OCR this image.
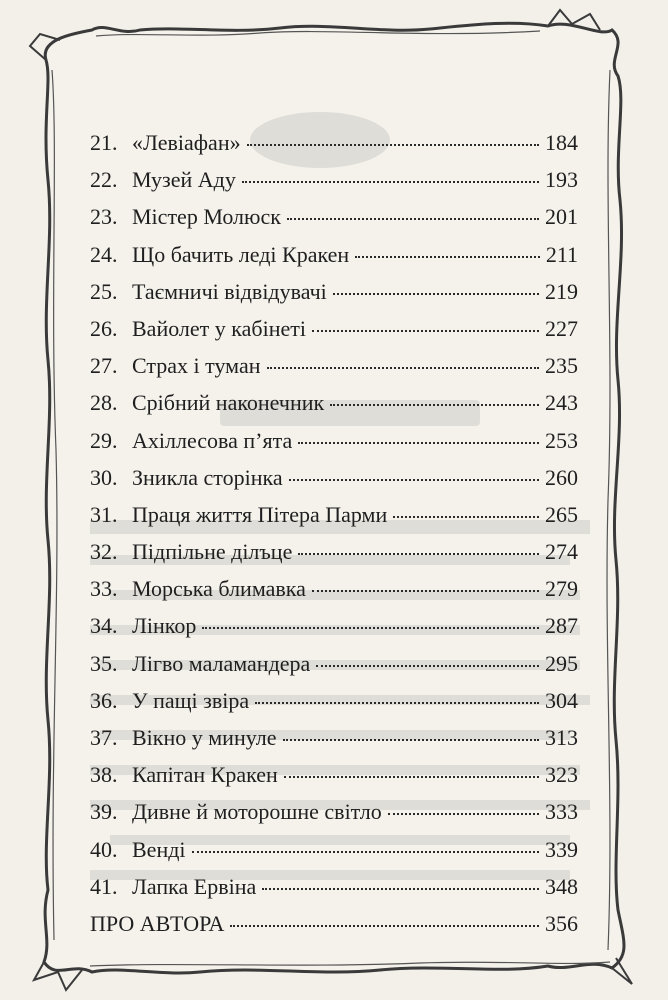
21. «Левіафан»	184
22. Музей Аду	193
23. Містер Молюск	201
24. Що бачить леді Кракен	211
25. Таємничі відвідувачі	219
26. Вайолет у кабінеті	227
27. Страх і туман	235
28. Срібний наконечник	243
29. Ахіллесова п’ята	253
30. Зникла сторінка	260
31. Праця життя Пітера Парми	265
32. Підпільне ділъце	274
33. Морська блимавка	279
34. Лінкор	287
35. Лігво маламандера	295
36. У пащі звіра	304
37. Вікно у минуле	313
38. Капітан Кракен	323
39. Дивне й моторошне світло	333
40. Венді	339
41. Лапка Ервіна	348
ПРО АВТОРА	356
